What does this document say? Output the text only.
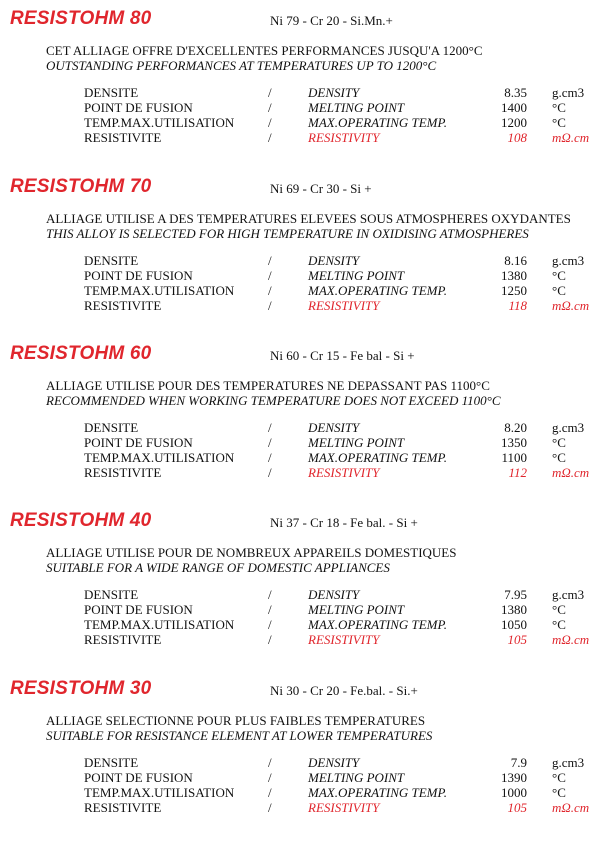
RESISTOHM 80	Ni 79 - Cr 20 - Si.Mn.+
CET ALLIAGE OFFRE D'EXCELLENTES PERFORMANCES JUSQU'A 1200°C
OUTSTANDING PERFORMANCES AT TEMPERATURES UP TO 1200°C
DENSITE	/	DENSITY	8.35 g.cm3
POINT DE FUSION	/	MELTING POINT	1400 °C
TEMP.MAX.UTILISATION	/	MAX.OPERATING TEMP.	1200 °C
RESISTIVITE	/	RESISTIVITY	108 mΩ.cm
RESISTOHM 70	Ni 69 - Cr 30 - Si +
ALLIAGE UTILISE A DES TEMPERATURES ELEVEES SOUS ATMOSPHERES OXYDANTES
THIS ALLOY IS SELECTED FOR HIGH TEMPERATURE IN OXIDISING ATMOSPHERES
DENSITE	/	DENSITY	8.16 g.cm3
POINT DE FUSION	/	MELTING POINT	1380 °C
TEMP.MAX.UTILISATION	/	MAX.OPERATING TEMP.	1250 °C
RESISTIVITE	/	RESISTIVITY	118 mΩ.cm
RESISTOHM 60	Ni 60 - Cr 15 - Fe bal - Si +
ALLIAGE UTILISE POUR DES TEMPERATURES NE DEPASSANT PAS 1100°C
RECOMMENDED WHEN WORKING TEMPERATURE DOES NOT EXCEED 1100°C
DENSITE	/	DENSITY	8.20 g.cm3
POINT DE FUSION	/	MELTING POINT	1350 °C
TEMP.MAX.UTILISATION	/	MAX.OPERATING TEMP.	1100 °C
RESISTIVITE	/	RESISTIVITY	112 mΩ.cm
RESISTOHM 40	Ni 37 - Cr 18 - Fe bal. - Si +
ALLIAGE UTILISE POUR DE NOMBREUX APPAREILS DOMESTIQUES
SUITABLE FOR A WIDE RANGE OF DOMESTIC APPLIANCES
DENSITE	/	DENSITY	7.95 g.cm3
POINT DE FUSION	/	MELTING POINT	1380 °C
TEMP.MAX.UTILISATION	/	MAX.OPERATING TEMP.	1050 °C
RESISTIVITE	/	RESISTIVITY	105 mΩ.cm
RESISTOHM 30	Ni 30 - Cr 20 - Fe.bal. - Si.+
ALLIAGE SELECTIONNE POUR PLUS FAIBLES TEMPERATURES
SUITABLE FOR RESISTANCE ELEMENT AT LOWER TEMPERATURES
DENSITE	/	DENSITY	7.9 g.cm3
POINT DE FUSION	/	MELTING POINT	1390 °C
TEMP.MAX.UTILISATION	/	MAX.OPERATING TEMP.	1000 °C
RESISTIVITE	/	RESISTIVITY	105 mΩ.cm
